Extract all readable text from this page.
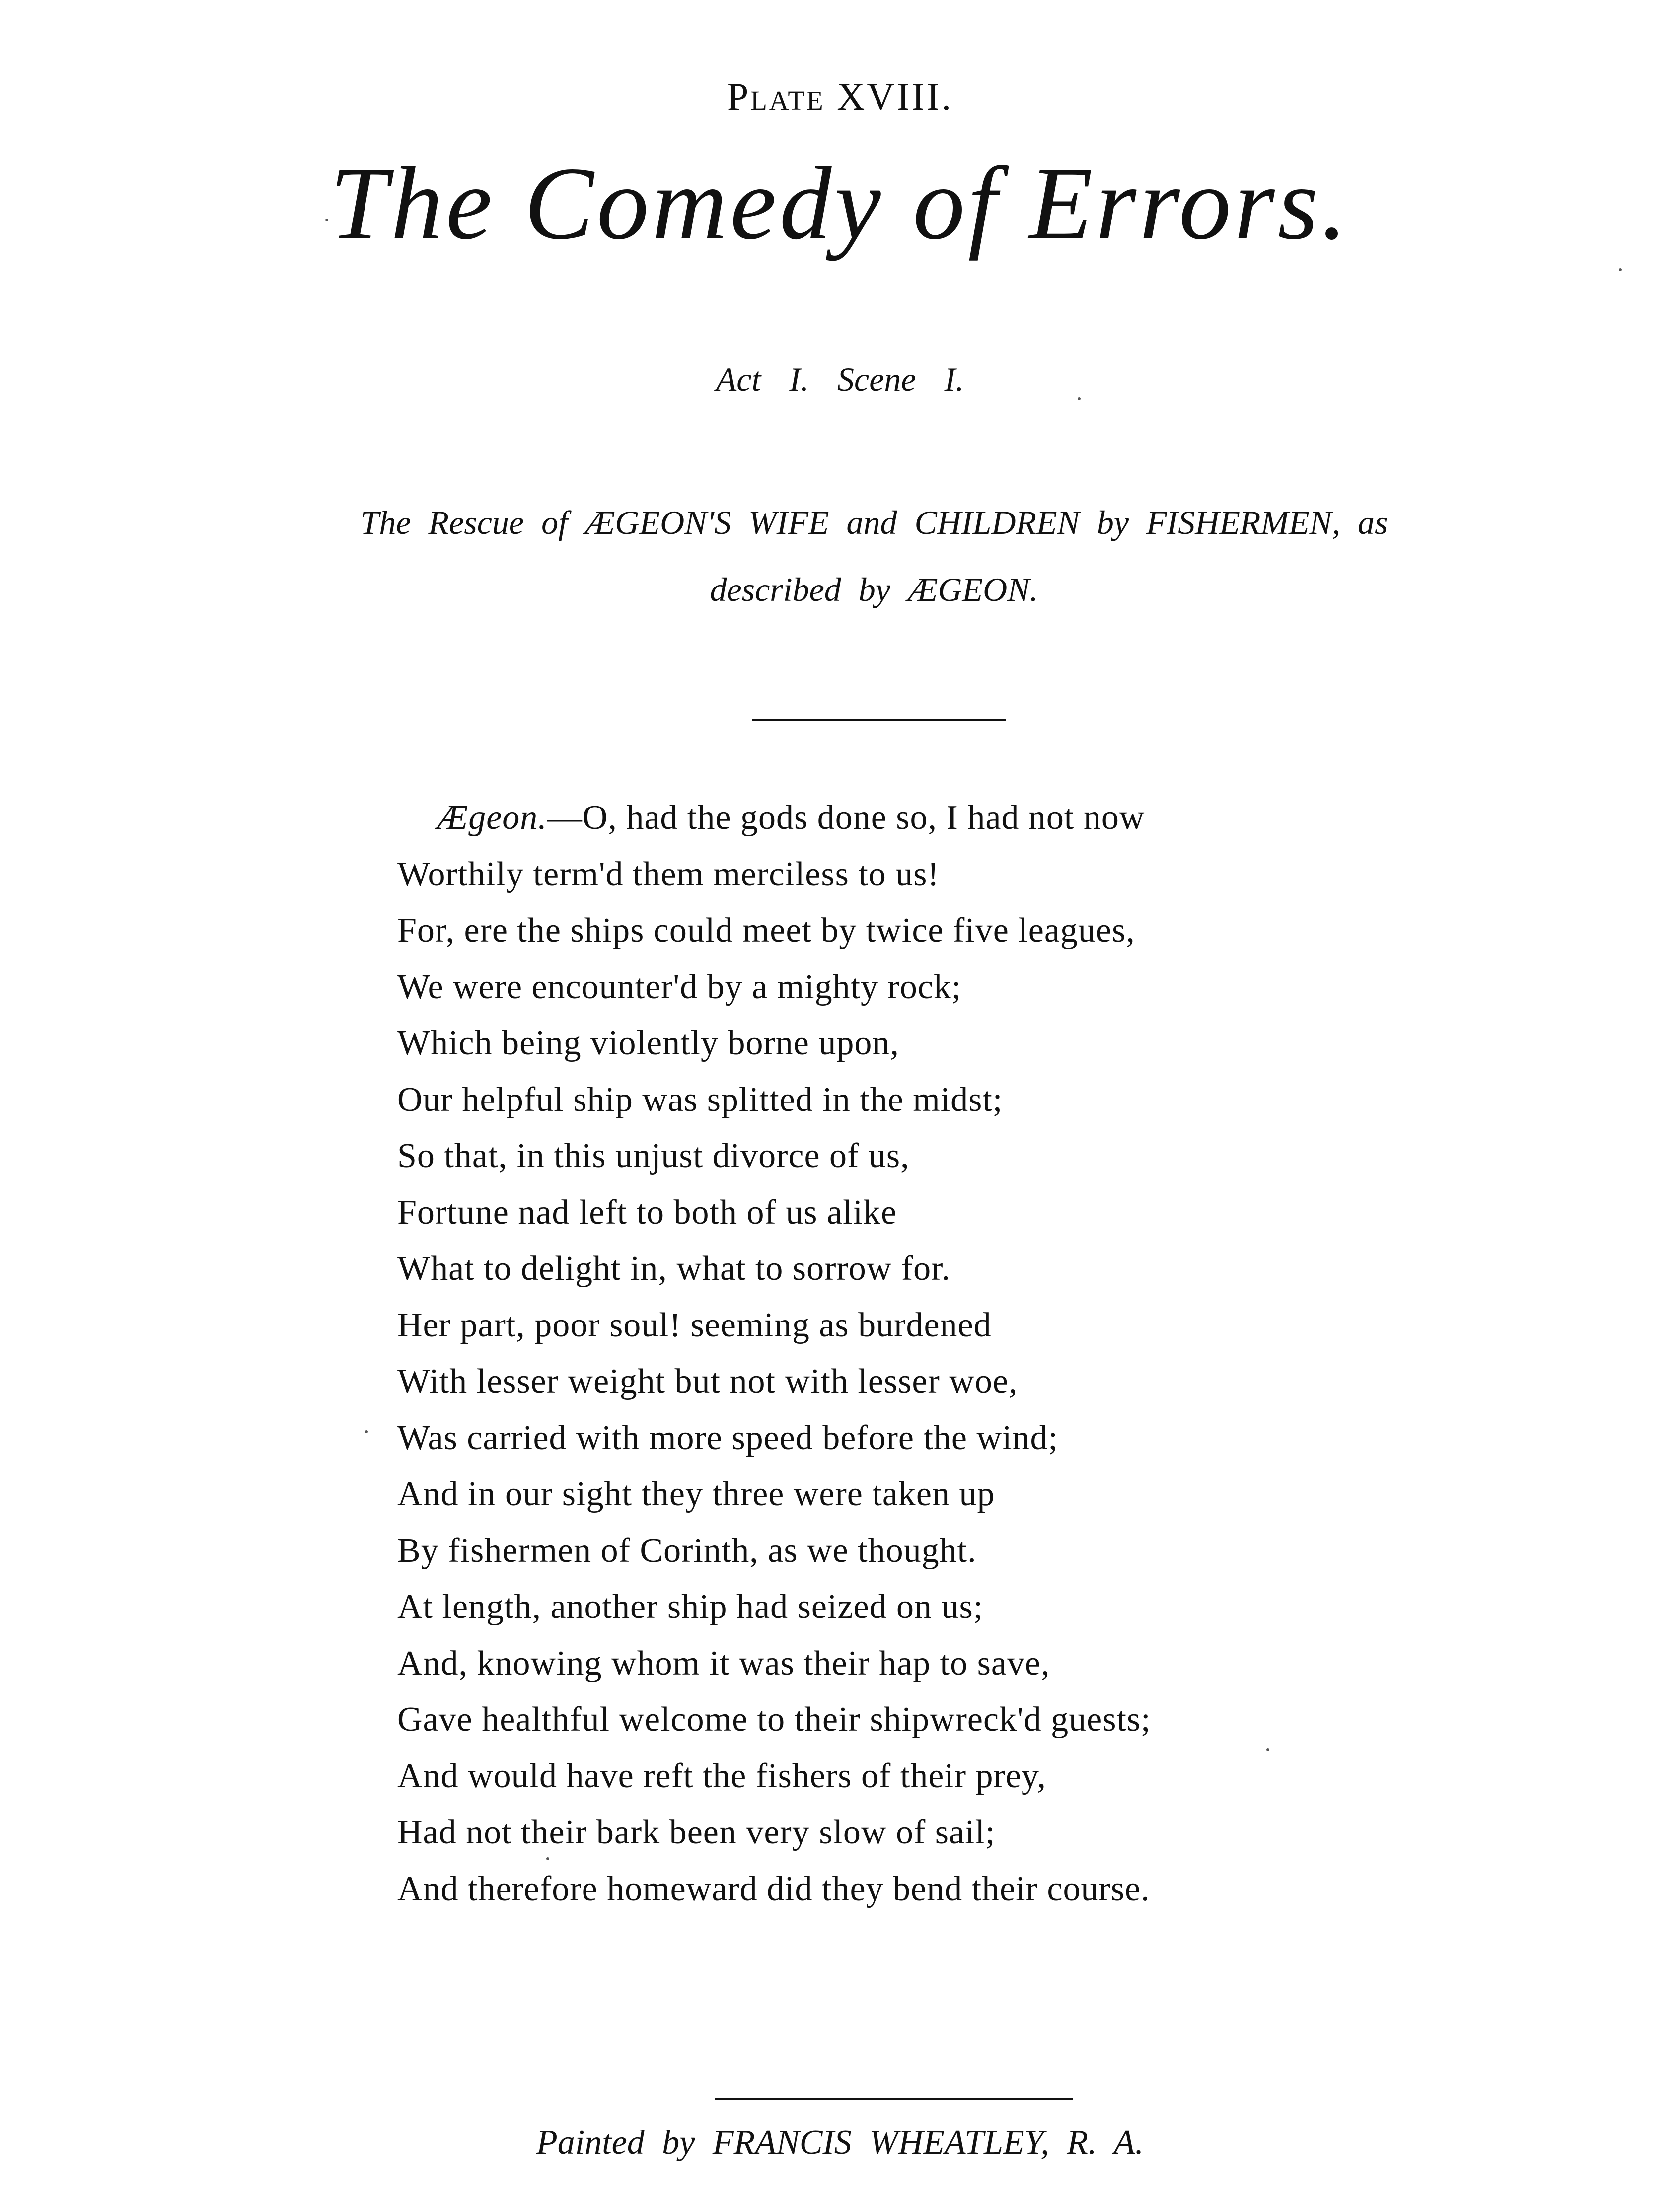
Plate XVIII.
The Comedy of Errors.
Act I. Scene I.
The Rescue of ÆGEON'S WIFE and CHILDREN by FISHERMEN, as
described by ÆGEON.
Ægeon.—O, had the gods done so, I had not now
Worthily term'd them merciless to us!
For, ere the ships could meet by twice five leagues,
We were encounter'd by a mighty rock;
Which being violently borne upon,
Our helpful ship was splitted in the midst;
So that, in this unjust divorce of us,
Fortune nad left to both of us alike
What to delight in, what to sorrow for.
Her part, poor soul! seeming as burdened
With lesser weight but not with lesser woe,
Was carried with more speed before the wind;
And in our sight they three were taken up
By fishermen of Corinth, as we thought.
At length, another ship had seized on us;
And, knowing whom it was their hap to save,
Gave healthful welcome to their shipwreck'd guests;
And would have reft the fishers of their prey,
Had not their bark been very slow of sail;
And therefore homeward did they bend their course.
Painted by FRANCIS WHEATLEY, R. A.
